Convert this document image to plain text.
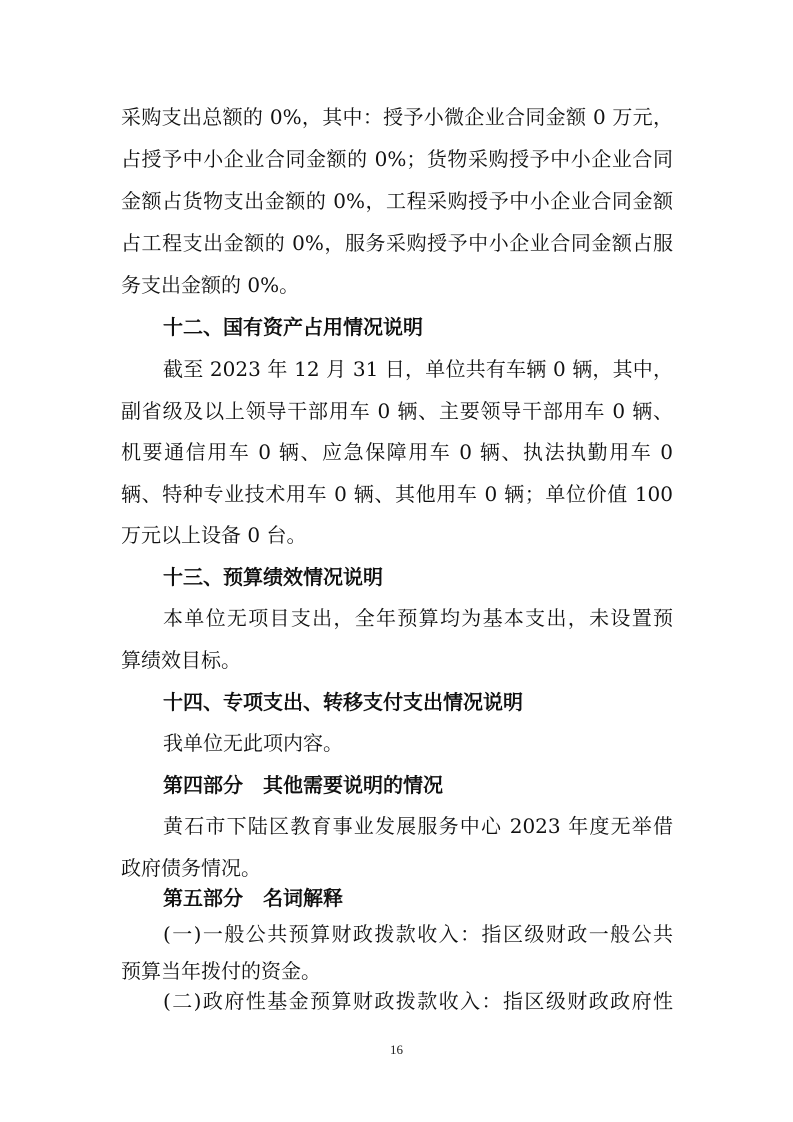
采购支出总额的 0%，其中：授予小微企业合同金额 0 万元，
占授予中小企业合同金额的 0%；货物采购授予中小企业合同
金额占货物支出金额的 0%，工程采购授予中小企业合同金额
占工程支出金额的 0%，服务采购授予中小企业合同金额占服
务支出金额的 0%。
十二、国有资产占用情况说明
截至 2023 年 12 月 31 日，单位共有车辆 0 辆，其中，
副省级及以上领导干部用车 0 辆、主要领导干部用车 0 辆、
机要通信用车 0 辆、应急保障用车 0 辆、执法执勤用车 0
辆、特种专业技术用车 0 辆、其他用车 0 辆；单位价值 100
万元以上设备 0 台。
十三、预算绩效情况说明
本单位无项目支出，全年预算均为基本支出，未设置预
算绩效目标。
十四、专项支出、转移支付支出情况说明
我单位无此项内容。
第四部分　其他需要说明的情况
黄石市下陆区教育事业发展服务中心 2023 年度无举借
政府债务情况。
第五部分　名词解释
(一)一般公共预算财政拨款收入：指区级财政一般公共
预算当年拨付的资金。
(二)政府性基金预算财政拨款收入：指区级财政政府性
16
